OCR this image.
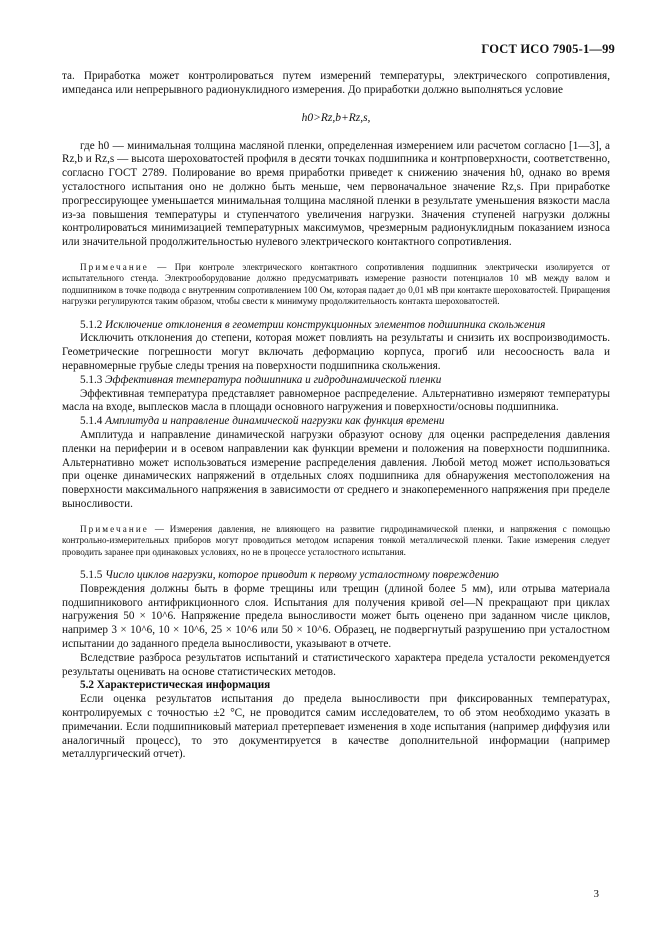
ГОСТ ИСО 7905-1—99

та. Приработка может контролироваться путем измерений температуры, электрического сопротивления, импеданса или непрерывного радионуклидного измерения. До приработки должно выполняться условие

h0>Rz,b+Rz,s,

где h0 — минимальная толщина масляной пленки, определенная измерением или расчетом согласно [1—3], а Rz,b и Rz,s — высота шероховатостей профиля в десяти точках подшипника и контрповерхности, соответственно, согласно ГОСТ 2789. Полирование во время приработки приведет к снижению значения h0, однако во время усталостного испытания оно не должно быть меньше, чем первоначальное значение Rz,s. При приработке прогрессирующее уменьшается минимальная толщина масляной пленки в результате уменьшения вязкости масла из-за повышения температуры и ступенчатого увеличения нагрузки. Значения ступеней нагрузки должны контролироваться минимизацией температурных максимумов, чрезмерным радионуклидным показанием износа или значительной продолжительностью нулевого электрического контактного сопротивления.

Примечание — При контроле электрического контактного сопротивления подшипник электрически изолируется от испытательного стенда. Электрооборудование должно предусматривать измерение разности потенциалов 10 мВ между валом и подшипником в точке подвода с внутренним сопротивлением 100 Ом, которая падает до 0,01 мВ при контакте шероховатостей. Приращения нагрузки регулируются таким образом, чтобы свести к минимуму продолжительность контакта шероховатостей.

5.1.2 Исключение отклонения в геометрии конструкционных элементов подшипника скольжения

Исключить отклонения до степени, которая может повлиять на результаты и снизить их воспроизводимость. Геометрические погрешности могут включать деформацию корпуса, прогиб или несоосность вала и неравномерные грубые следы трения на поверхности подшипника скольжения.

5.1.3 Эффективная температура подшипника и гидродинамической пленки

Эффективная температура представляет равномерное распределение. Альтернативно измеряют температуры масла на входе, выплесков масла в площади основного нагружения и поверхности/основы подшипника.

5.1.4 Амплитуда и направление динамической нагрузки как функция времени

Амплитуда и направление динамической нагрузки образуют основу для оценки распределения давления пленки на периферии и в осевом направлении как функции времени и положения на поверхности подшипника. Альтернативно может использоваться измерение распределения давления. Любой метод может использоваться при оценке динамических напряжений в отдельных слоях подшипника для обнаружения местоположения на поверхности максимального напряжения в зависимости от среднего и знакопеременного напряжения при пределе выносливости.

Примечание — Измерения давления, не влияющего на развитие гидродинамической пленки, и напряжения с помощью контрольно-измерительных приборов могут проводиться методом испарения тонкой металлической пленки. Такие измерения следует проводить заранее при одинаковых условиях, но не в процессе усталостного испытания.

5.1.5 Число циклов нагрузки, которое приводит к первому усталостному повреждению

Повреждения должны быть в форме трещины или трещин (длиной более 5 мм), или отрыва материала подшипникового антифрикционного слоя. Испытания для получения кривой σel—N прекращают при циклах нагружения 50 × 10^6. Напряжение предела выносливости может быть оценено при заданном числе циклов, например 3 × 10^6, 10 × 10^6, 25 × 10^6 или 50 × 10^6. Образец, не подвергнутый разрушению при усталостном испытании до заданного предела выносливости, указывают в отчете.

Вследствие разброса результатов испытаний и статистического характера предела усталости рекомендуется результаты оценивать на основе статистических методов.

5.2 Характеристическая информация

Если оценка результатов испытания до предела выносливости при фиксированных температурах, контролируемых с точностью ±2 °С, не проводится самим исследователем, то об этом необходимо указать в примечании. Если подшипниковый материал претерпевает изменения в ходе испытания (например диффузия или аналогичный процесс), то это документируется в качестве дополнительной информации (например металлургический отчет).

3
